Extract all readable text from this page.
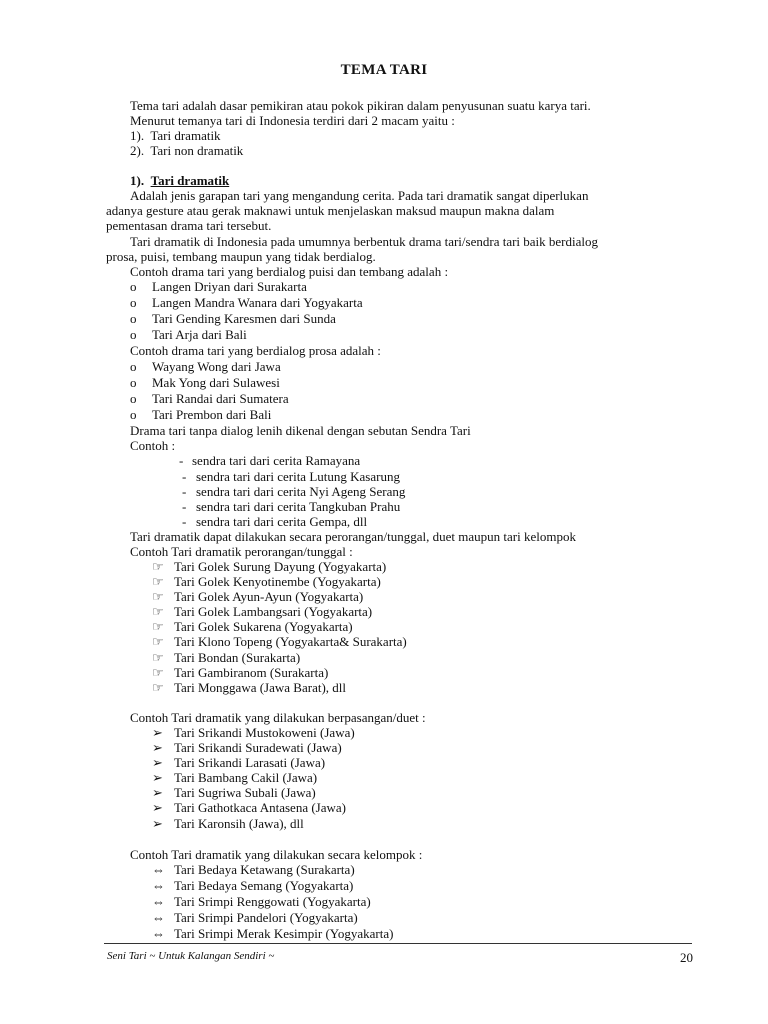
TEMA TARI
Tema tari adalah dasar pemikiran atau pokok pikiran dalam penyusunan suatu karya tari.
Menurut temanya tari di Indonesia terdiri dari 2 macam yaitu :
1). Tari dramatik
2). Tari non dramatik
1). Tari dramatik
Adalah jenis garapan tari yang mengandung cerita. Pada tari dramatik sangat diperlukan
adanya gesture atau gerak maknawi untuk menjelaskan maksud maupun makna dalam
pementasan drama tari tersebut.
Tari dramatik di Indonesia pada umumnya berbentuk drama tari/sendra tari baik berdialog
prosa, puisi, tembang maupun yang tidak berdialog.
Contoh drama tari yang berdialog puisi dan tembang adalah :
o Langen Driyan dari Surakarta
o Langen Mandra Wanara dari Yogyakarta
o Tari Gending Karesmen dari Sunda
o Tari Arja dari Bali
Contoh drama tari yang berdialog prosa adalah :
o Wayang Wong dari Jawa
o Mak Yong dari Sulawesi
o Tari Randai dari Sumatera
o Tari Prembon dari Bali
Drama tari tanpa dialog lenih dikenal dengan sebutan Sendra Tari
Contoh :
- sendra tari dari cerita Ramayana
- sendra tari dari cerita Lutung Kasarung
- sendra tari dari cerita Nyi Ageng Serang
- sendra tari dari cerita Tangkuban Prahu
- sendra tari dari cerita Gempa, dll
Tari dramatik dapat dilakukan secara perorangan/tunggal, duet maupun tari kelompok
Contoh Tari dramatik perorangan/tunggal :
☞ Tari Golek Surung Dayung (Yogyakarta)
☞ Tari Golek Kenyotinembe (Yogyakarta)
☞ Tari Golek Ayun-Ayun (Yogyakarta)
☞ Tari Golek Lambangsari (Yogyakarta)
☞ Tari Golek Sukarena (Yogyakarta)
☞ Tari Klono Topeng (Yogyakarta& Surakarta)
☞ Tari Bondan (Surakarta)
☞ Tari Gambiranom (Surakarta)
☞ Tari Monggawa (Jawa Barat), dll
Contoh Tari dramatik yang dilakukan berpasangan/duet :
➢ Tari Srikandi Mustokoweni (Jawa)
➢ Tari Srikandi Suradewati (Jawa)
➢ Tari Srikandi Larasati (Jawa)
➢ Tari Bambang Cakil (Jawa)
➢ Tari Sugriwa Subali (Jawa)
➢ Tari Gathotkaca Antasena (Jawa)
➢ Tari Karonsih (Jawa), dll
Contoh Tari dramatik yang dilakukan secara kelompok :
⇔ Tari Bedaya Ketawang (Surakarta)
⇔ Tari Bedaya Semang (Yogyakarta)
⇔ Tari Srimpi Renggowati (Yogyakarta)
⇔ Tari Srimpi Pandelori (Yogyakarta)
⇔ Tari Srimpi Merak Kesimpir (Yogyakarta)
Seni Tari ~ Untuk Kalangan Sendiri ~	20
